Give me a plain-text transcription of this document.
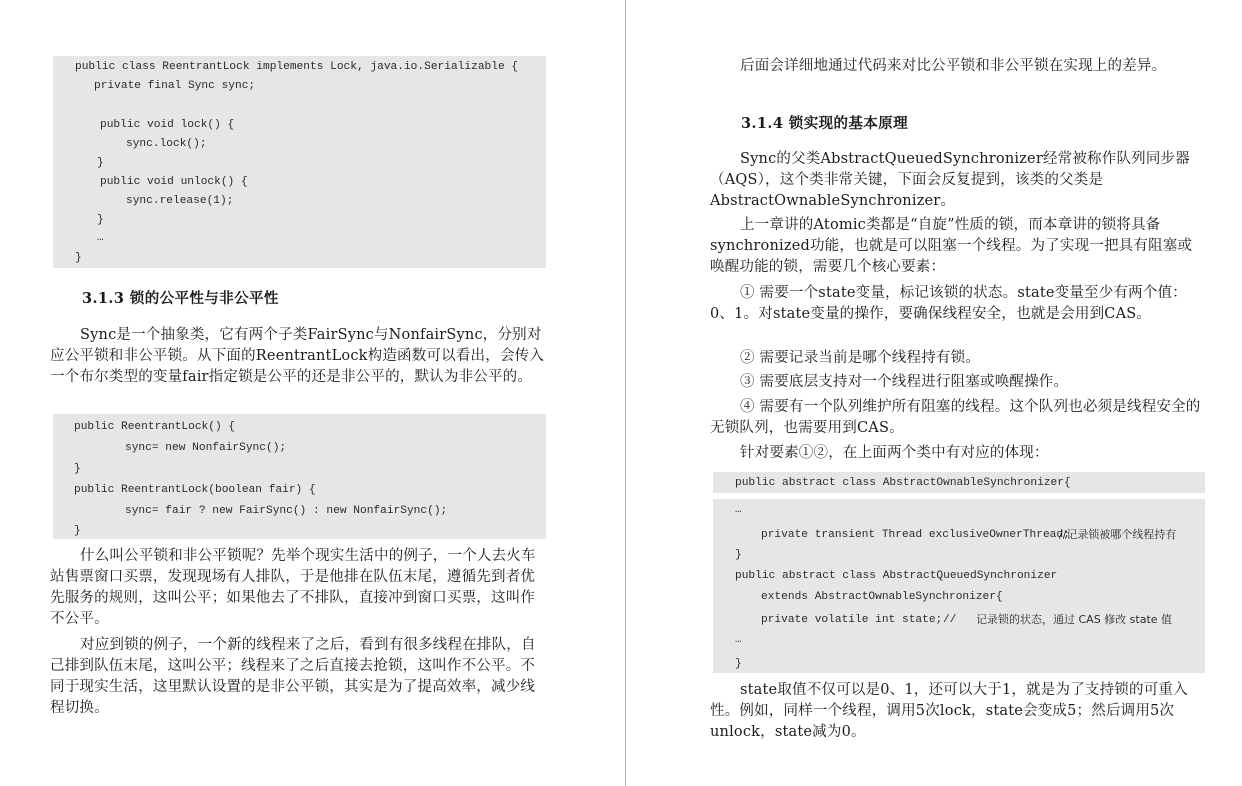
public class ReentrantLock implements Lock, java.io.Serializable {
private final Sync sync;
public void lock() {
sync.lock();
}
public void unlock() {
sync.release(1);
}
…
}
3.1.3 锁的公平性与非公平性

Sync是一个抽象类，它有两个子类FairSync与NonfairSync，分别对应公平锁和非公平锁。从下面的ReentrantLock构造函数可以看出，会传入一个布尔类型的变量fair指定锁是公平的还是非公平的，默认为非公平的。

public ReentrantLock() {
sync= new NonfairSync();
}
public ReentrantLock(boolean fair) {
sync= fair ? new FairSync() : new NonfairSync();
}

什么叫公平锁和非公平锁呢？先举个现实生活中的例子，一个人去火车站售票窗口买票，发现现场有人排队，于是他排在队伍末尾，遵循先到者优先服务的规则，这叫公平；如果他去了不排队，直接冲到窗口买票，这叫作不公平。

对应到锁的例子，一个新的线程来了之后，看到有很多线程在排队，自己排到队伍末尾，这叫公平；线程来了之后直接去抢锁，这叫作不公平。不同于现实生活，这里默认设置的是非公平锁，其实是为了提高效率，减少线程切换。

后面会详细地通过代码来对比公平锁和非公平锁在实现上的差异。

3.1.4 锁实现的基本原理

Sync的父类AbstractQueuedSynchronizer经常被称作队列同步器（AQS），这个类非常关键，下面会反复提到，该类的父类是AbstractOwnableSynchronizer。

上一章讲的Atomic类都是“自旋”性质的锁，而本章讲的锁将具备synchronized功能，也就是可以阻塞一个线程。为了实现一把具有阻塞或唤醒功能的锁，需要几个核心要素：

① 需要一个state变量，标记该锁的状态。state变量至少有两个值：0、1。对state变量的操作，要确保线程安全，也就是会用到CAS。

② 需要记录当前是哪个线程持有锁。

③ 需要底层支持对一个线程进行阻塞或唤醒操作。

④ 需要有一个队列维护所有阻塞的线程。这个队列也必须是线程安全的无锁队列，也需要用到CAS。

针对要素①②，在上面两个类中有对应的体现：

public abstract class AbstractOwnableSynchronizer{
…
private transient Thread exclusiveOwnerThread;
//记录锁被哪个线程持有
}
public abstract class AbstractQueuedSynchronizer
extends AbstractOwnableSynchronizer{
private volatile int state; // 记录锁的状态，通过 CAS 修改 state 值
…
}

state取值不仅可以是0、1，还可以大于1，就是为了支持锁的可重入性。例如，同样一个线程，调用5次lock，state会变成5；然后调用5次unlock，state减为0。
